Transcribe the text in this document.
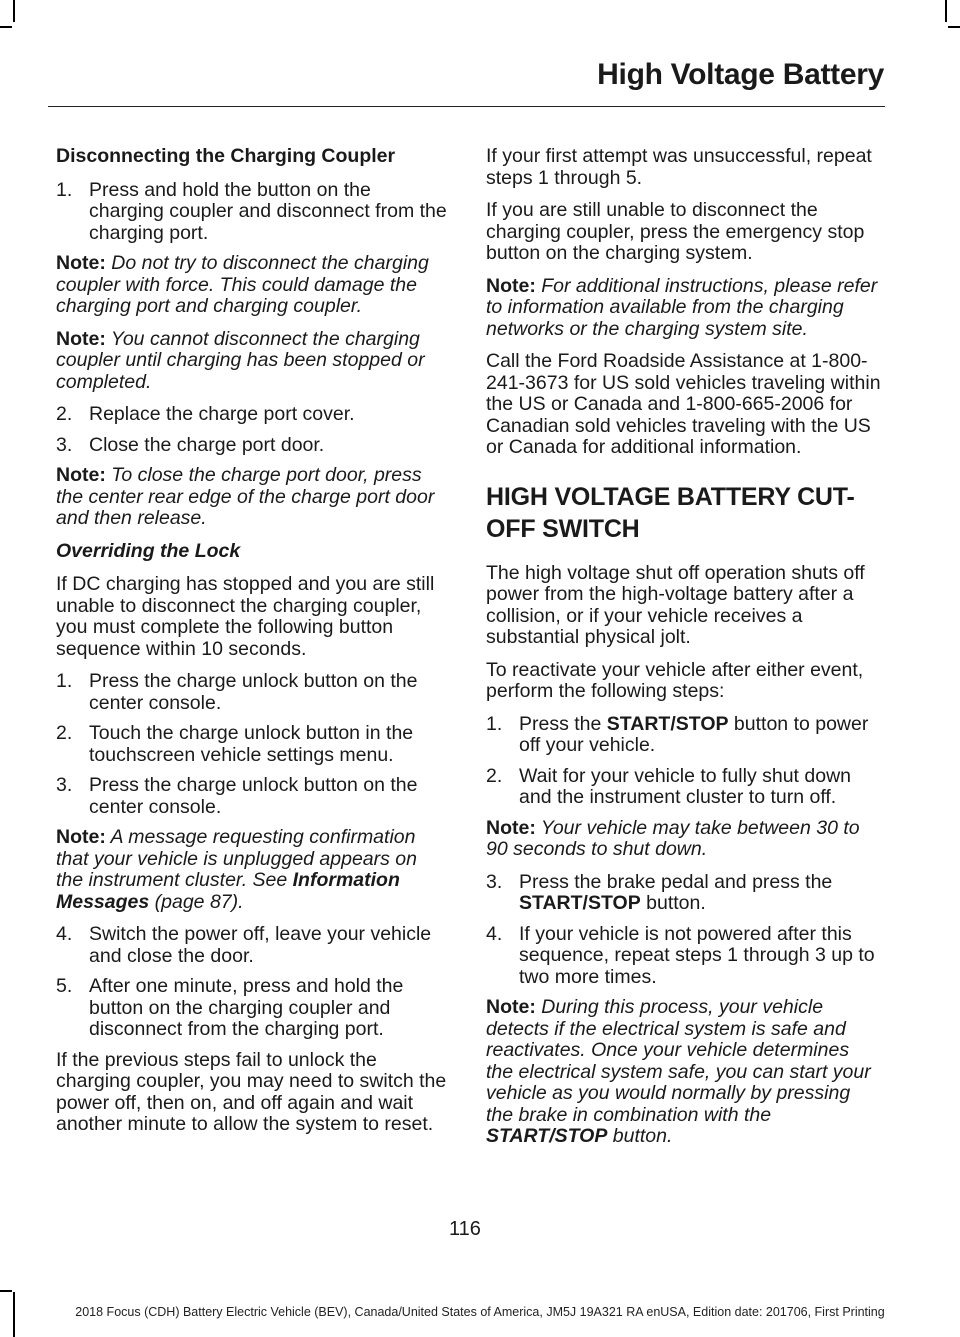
High Voltage Battery

Disconnecting the Charging Coupler

1. Press and hold the button on the charging coupler and disconnect from the charging port.

Note: Do not try to disconnect the charging coupler with force. This could damage the charging port and charging coupler.

Note: You cannot disconnect the charging coupler until charging has been stopped or completed.

2. Replace the charge port cover.
3. Close the charge port door.

Note: To close the charge port door, press the center rear edge of the charge port door and then release.

Overriding the Lock

If DC charging has stopped and you are still unable to disconnect the charging coupler, you must complete the following button sequence within 10 seconds.

1. Press the charge unlock button on the center console.
2. Touch the charge unlock button in the touchscreen vehicle settings menu.
3. Press the charge unlock button on the center console.

Note: A message requesting confirmation that your vehicle is unplugged appears on the instrument cluster. See Information Messages (page 87).

4. Switch the power off, leave your vehicle and close the door.
5. After one minute, press and hold the button on the charging coupler and disconnect from the charging port.

If the previous steps fail to unlock the charging coupler, you may need to switch the power off, then on, and off again and wait another minute to allow the system to reset.

If your first attempt was unsuccessful, repeat steps 1 through 5.

If you are still unable to disconnect the charging coupler, press the emergency stop button on the charging system.

Note: For additional instructions, please refer to information available from the charging networks or the charging system site.

Call the Ford Roadside Assistance at 1-800-241-3673 for US sold vehicles traveling within the US or Canada and 1-800-665-2006 for Canadian sold vehicles traveling with the US or Canada for additional information.

HIGH VOLTAGE BATTERY CUT-
OFF SWITCH

The high voltage shut off operation shuts off power from the high-voltage battery after a collision, or if your vehicle receives a substantial physical jolt.

To reactivate your vehicle after either event, perform the following steps:

1. Press the START/STOP button to power off your vehicle.
2. Wait for your vehicle to fully shut down and the instrument cluster to turn off.

Note: Your vehicle may take between 30 to 90 seconds to shut down.

3. Press the brake pedal and press the START/STOP button.
4. If your vehicle is not powered after this sequence, repeat steps 1 through 3 up to two more times.

Note: During this process, your vehicle detects if the electrical system is safe and reactivates. Once your vehicle determines the electrical system safe, you can start your vehicle as you would normally by pressing the brake in combination with the START/STOP button.

116
2018 Focus (CDH) Battery Electric Vehicle (BEV), Canada/United States of America, JM5J 19A321 RA enUSA, Edition date: 201706, First Printing
